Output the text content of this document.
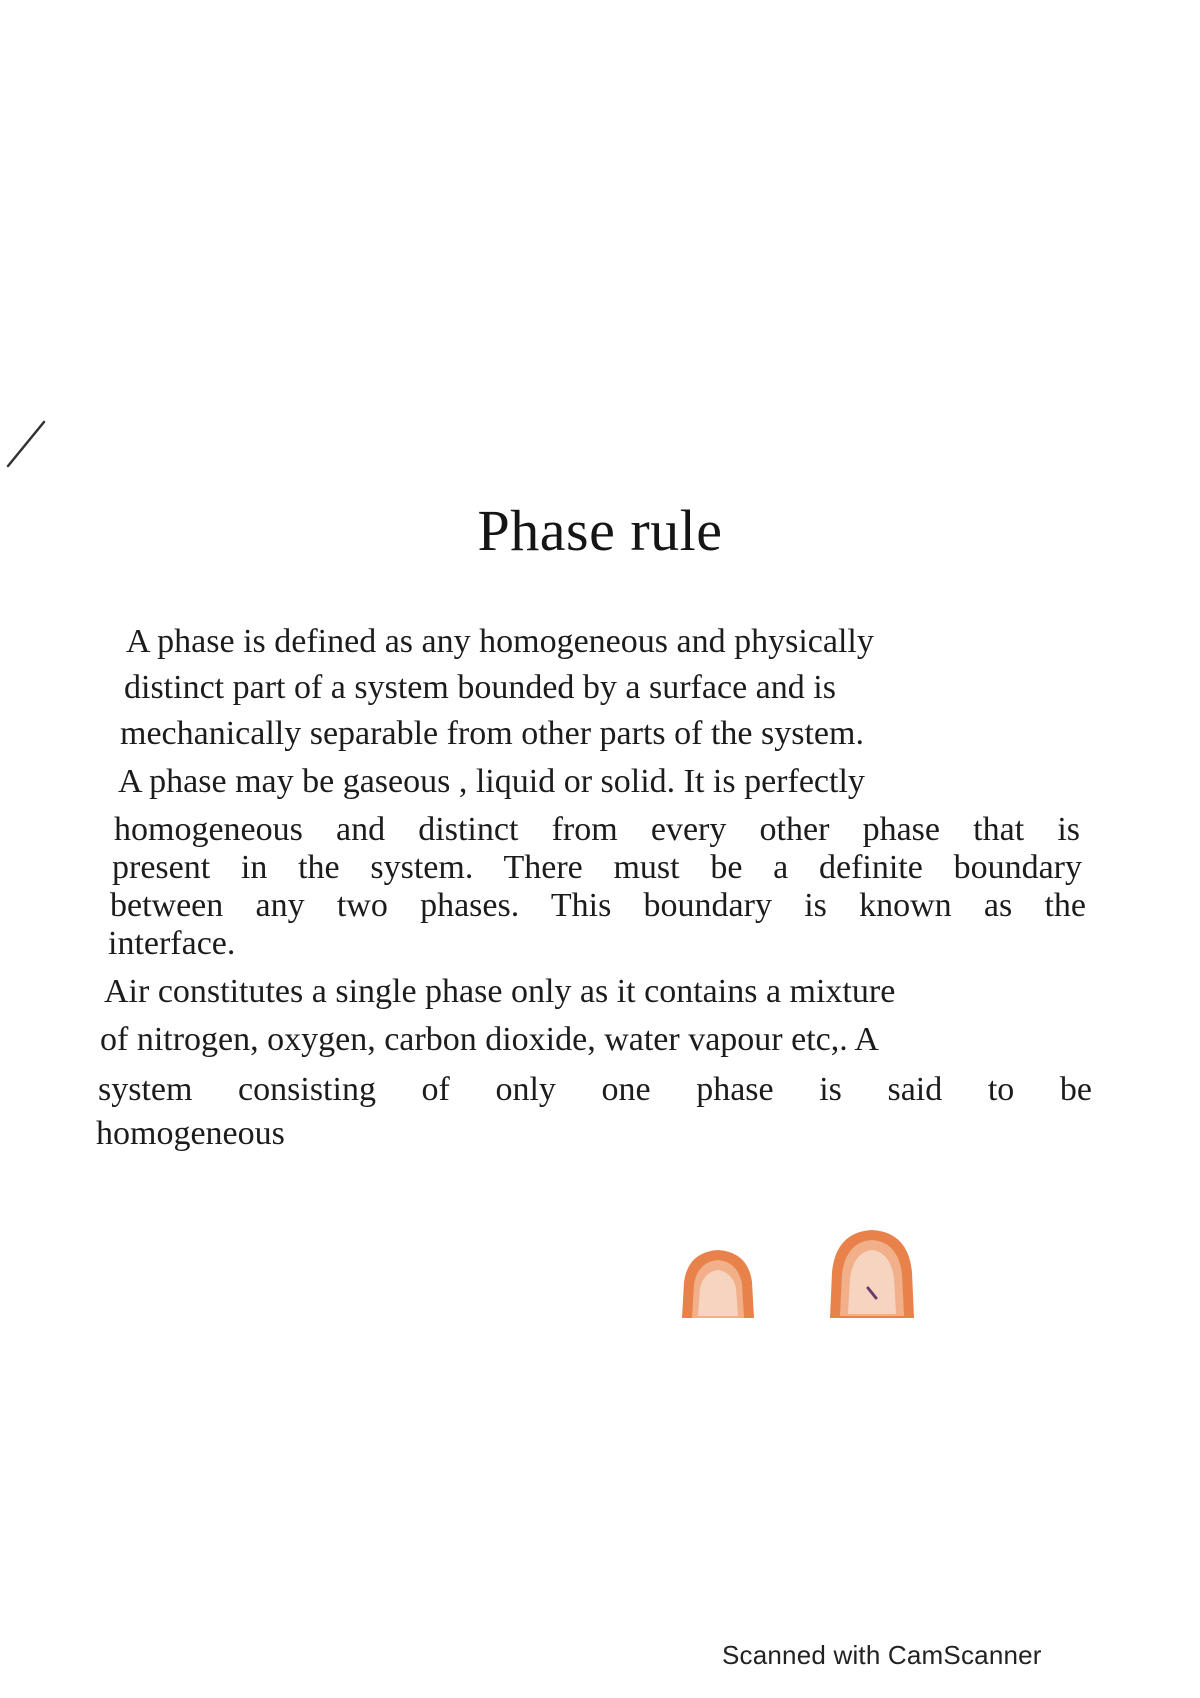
Phase rule
A phase is defined as any homogeneous and physically
distinct part of a system bounded by a surface and is
mechanically separable from other parts of the system.
A phase may be gaseous , liquid or solid. It is perfectly
homogeneous and distinct from every other phase that is
present in the system. There must be a definite boundary
between any two phases. This boundary is known as the
interface.
Air constitutes a single phase only as it contains a mixture
of nitrogen, oxygen, carbon dioxide, water vapour etc,. A
system consisting of only one phase is said to be
homogeneous
Scanned with CamScanner
